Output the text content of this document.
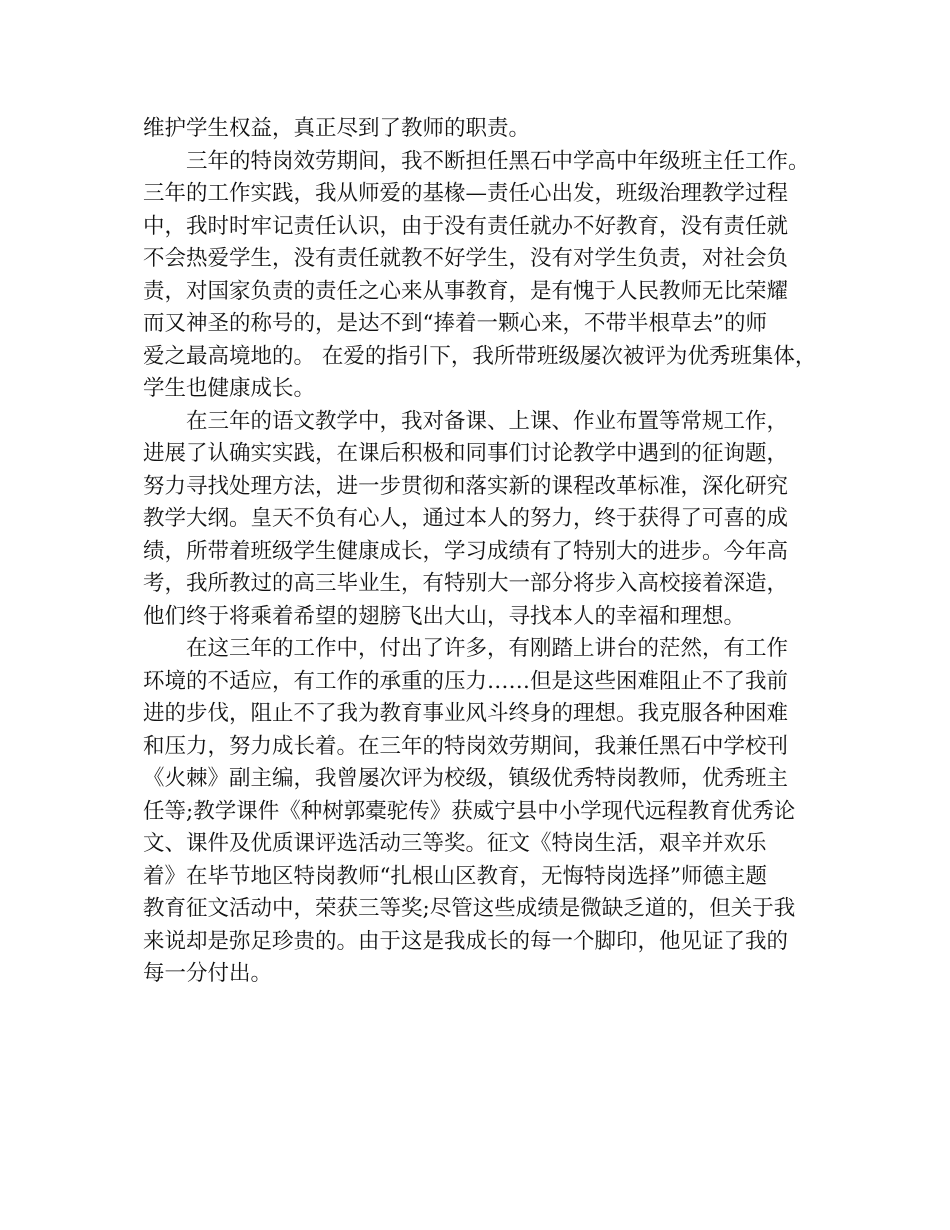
维护学生权益，真正尽到了教师的职责。
三年的特岗效劳期间，我不断担任黑石中学高中年级班主任工作。
三年的工作实践，我从师爱的基椽—责任心出发，班级治理教学过程
中，我时时牢记责任认识，由于没有责任就办不好教育，没有责任就
不会热爱学生，没有责任就教不好学生，没有对学生负责，对社会负
责，对国家负责的责任之心来从事教育，是有愧于人民教师无比荣耀
而又神圣的称号的，是达不到“捧着一颗心来，不带半根草去”的师
爱之最高境地的。 在爱的指引下，我所带班级屡次被评为优秀班集体，
学生也健康成长。
在三年的语文教学中，我对备课、上课、作业布置等常规工作，
进展了认确实实践，在课后积极和同事们讨论教学中遇到的征询题，
努力寻找处理方法，进一步贯彻和落实新的课程改革标准，深化研究
教学大纲。皇天不负有心人，通过本人的努力，终于获得了可喜的成
绩，所带着班级学生健康成长，学习成绩有了特别大的进步。今年高
考，我所教过的高三毕业生，有特别大一部分将步入高校接着深造，
他们终于将乘着希望的翅膀飞出大山，寻找本人的幸福和理想。
在这三年的工作中，付出了许多，有刚踏上讲台的茫然，有工作
环境的不适应，有工作的承重的压力……但是这些困难阻止不了我前
进的步伐，阻止不了我为教育事业风斗终身的理想。我克服各种困难
和压力，努力成长着。在三年的特岗效劳期间，我兼任黑石中学校刊
《火棘》副主编，我曾屡次评为校级，镇级优秀特岗教师，优秀班主
任等;教学课件《种树郭橐驼传》获威宁县中小学现代远程教育优秀论
文、课件及优质课评选活动三等奖。征文《特岗生活，艰辛并欢乐
着》在毕节地区特岗教师“扎根山区教育，无悔特岗选择”师德主题
教育征文活动中，荣获三等奖;尽管这些成绩是微缺乏道的，但关于我
来说却是弥足珍贵的。由于这是我成长的每一个脚印，他见证了我的
每一分付出。
